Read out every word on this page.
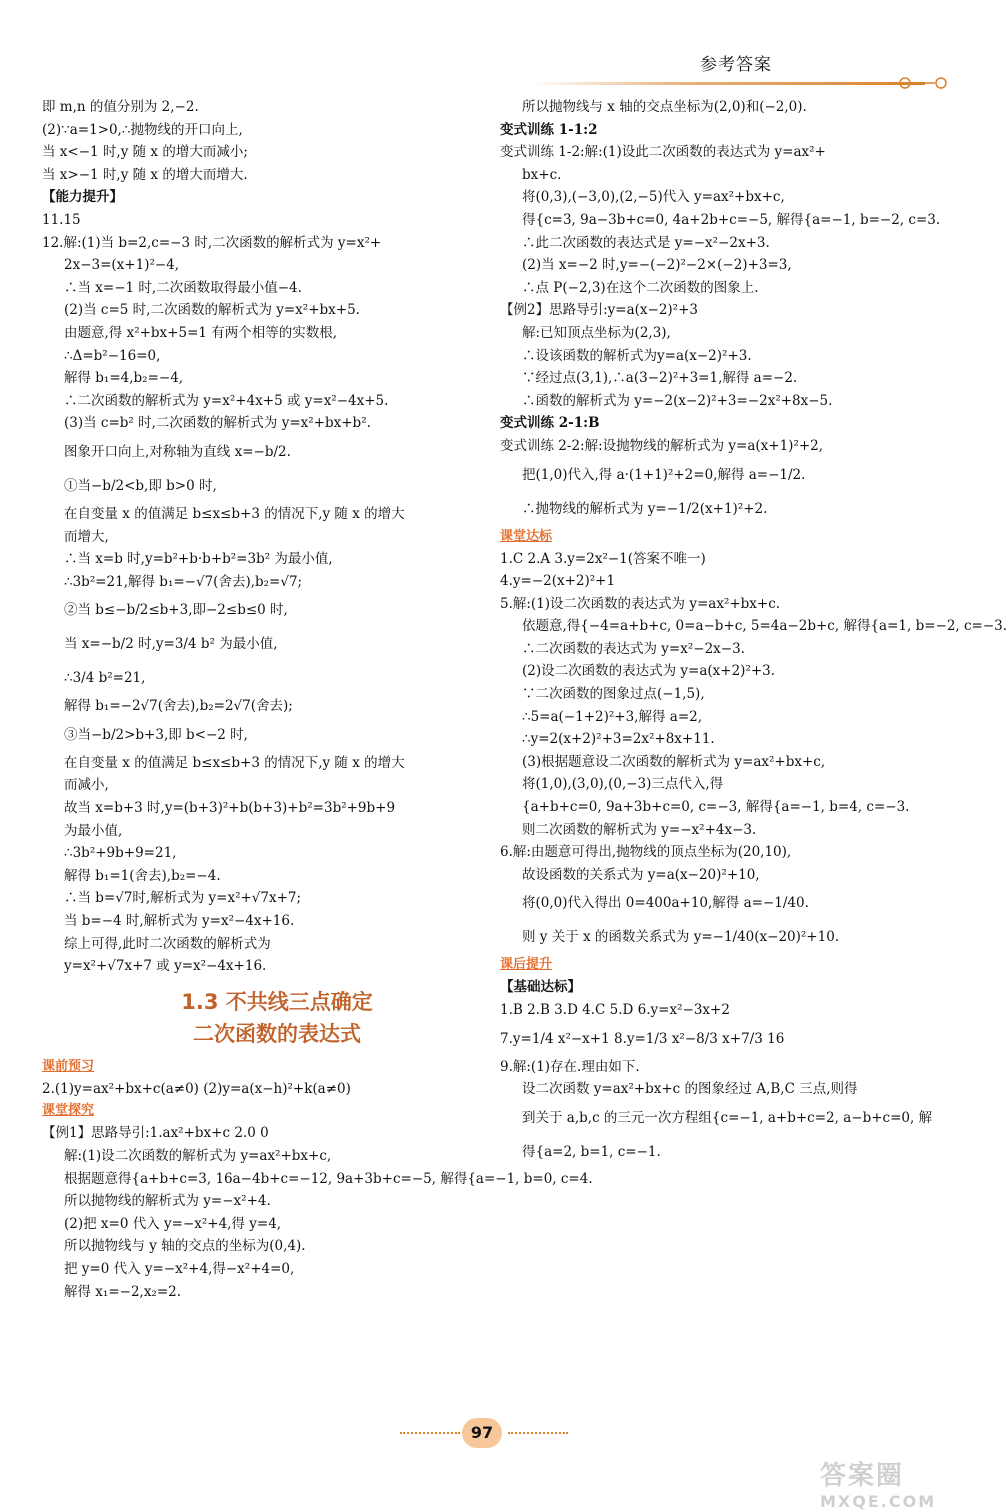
参考答案
即 m,n 的值分别为 2,−2.
(2)∵a=1>0,∴抛物线的开口向上,
当 x<−1 时,y 随 x 的增大而减小;
当 x>−1 时,y 随 x 的增大而增大.
【能力提升】
11.15
12.解:(1)当 b=2,c=−3 时,二次函数的解析式为 y=x²+
2x−3=(x+1)²−4,
∴当 x=−1 时,二次函数取得最小值−4.
(2)当 c=5 时,二次函数的解析式为 y=x²+bx+5.
由题意,得 x²+bx+5=1 有两个相等的实数根,
∴Δ=b²−16=0,
解得 b₁=4,b₂=−4,
∴二次函数的解析式为 y=x²+4x+5 或 y=x²−4x+5.
(3)当 c=b² 时,二次函数的解析式为 y=x²+bx+b².
图象开口向上,对称轴为直线 x=−b/2.
①当−b/2<b,即 b>0 时,
在自变量 x 的值满足 b≤x≤b+3 的情况下,y 随 x 的增大
而增大,
∴当 x=b 时,y=b²+b·b+b²=3b² 为最小值,
∴3b²=21,解得 b₁=−√7(舍去),b₂=√7;
②当 b≤−b/2≤b+3,即−2≤b≤0 时,
当 x=−b/2 时,y=3/4 b² 为最小值,
∴3/4 b²=21,
解得 b₁=−2√7(舍去),b₂=2√7(舍去);
③当−b/2>b+3,即 b<−2 时,
在自变量 x 的值满足 b≤x≤b+3 的情况下,y 随 x 的增大
而减小,
故当 x=b+3 时,y=(b+3)²+b(b+3)+b²=3b²+9b+9
为最小值,
∴3b²+9b+9=21,
解得 b₁=1(舍去),b₂=−4.
∴当 b=√7时,解析式为 y=x²+√7x+7;
当 b=−4 时,解析式为 y=x²−4x+16.
综上可得,此时二次函数的解析式为
y=x²+√7x+7 或 y=x²−4x+16.
1.3 不共线三点确定
二次函数的表达式
课前预习
2.(1)y=ax²+bx+c(a≠0) (2)y=a(x−h)²+k(a≠0)
课堂探究
【例1】思路导引:1.ax²+bx+c 2.0 0
解:(1)设二次函数的解析式为 y=ax²+bx+c,
根据题意得{a+b+c=3, 16a−4b+c=−12, 9a+3b+c=−5, 解得{a=−1, b=0, c=4.
所以抛物线的解析式为 y=−x²+4.
(2)把 x=0 代入 y=−x²+4,得 y=4,
所以抛物线与 y 轴的交点的坐标为(0,4).
把 y=0 代入 y=−x²+4,得−x²+4=0,
解得 x₁=−2,x₂=2.
所以抛物线与 x 轴的交点坐标为(2,0)和(−2,0).
变式训练 1-1:2
变式训练 1-2:解:(1)设此二次函数的表达式为 y=ax²+
bx+c.
将(0,3),(−3,0),(2,−5)代入 y=ax²+bx+c,
得{c=3, 9a−3b+c=0, 4a+2b+c=−5, 解得{a=−1, b=−2, c=3.
∴此二次函数的表达式是 y=−x²−2x+3.
(2)当 x=−2 时,y=−(−2)²−2×(−2)+3=3,
∴点 P(−2,3)在这个二次函数的图象上.
【例2】思路导引:y=a(x−2)²+3
解:已知顶点坐标为(2,3),
∴设该函数的解析式为y=a(x−2)²+3.
∵经过点(3,1),∴a(3−2)²+3=1,解得 a=−2.
∴函数的解析式为 y=−2(x−2)²+3=−2x²+8x−5.
变式训练 2-1:B
变式训练 2-2:解:设抛物线的解析式为 y=a(x+1)²+2,
把(1,0)代入,得 a·(1+1)²+2=0,解得 a=−1/2.
∴抛物线的解析式为 y=−1/2(x+1)²+2.
课堂达标
1.C 2.A 3.y=2x²−1(答案不唯一)
4.y=−2(x+2)²+1
5.解:(1)设二次函数的表达式为 y=ax²+bx+c.
依题意,得{−4=a+b+c, 0=a−b+c, 5=4a−2b+c, 解得{a=1, b=−2, c=−3.
∴二次函数的表达式为 y=x²−2x−3.
(2)设二次函数的表达式为 y=a(x+2)²+3.
∵二次函数的图象过点(−1,5),
∴5=a(−1+2)²+3,解得 a=2,
∴y=2(x+2)²+3=2x²+8x+11.
(3)根据题意设二次函数的解析式为 y=ax²+bx+c,
将(1,0),(3,0),(0,−3)三点代入,得
{a+b+c=0, 9a+3b+c=0, c=−3, 解得{a=−1, b=4, c=−3.
则二次函数的解析式为 y=−x²+4x−3.
6.解:由题意可得出,抛物线的顶点坐标为(20,10),
故设函数的关系式为 y=a(x−20)²+10,
将(0,0)代入得出 0=400a+10,解得 a=−1/40.
则 y 关于 x 的函数关系式为 y=−1/40(x−20)²+10.
课后提升
【基础达标】
1.B 2.B 3.D 4.C 5.D 6.y=x²−3x+2
7.y=1/4 x²−x+1 8.y=1/3 x²−8/3 x+7/3 16
9.解:(1)存在.理由如下.
设二次函数 y=ax²+bx+c 的图象经过 A,B,C 三点,则得
到关于 a,b,c 的三元一次方程组{c=−1, a+b+c=2, a−b+c=0, 解
得{a=2, b=1, c=−1.
97
答案圈
MXQE.COM
